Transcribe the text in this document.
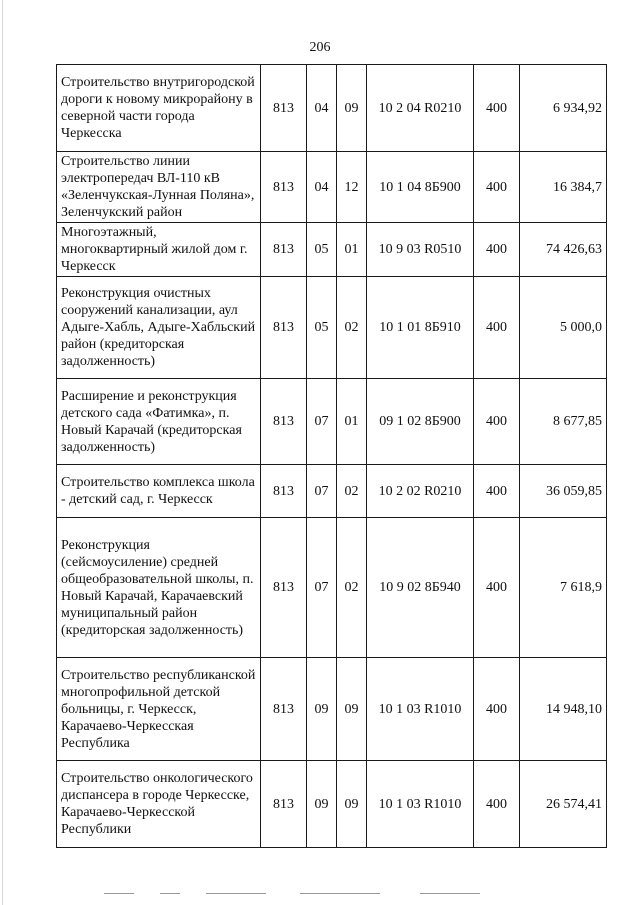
206
Строительство внутригородской дороги к новому микрорайону в северной части города Черкесска	813	04	09	10 2 04 R0210	400	6 934,92
Строительство линии электропередач ВЛ-110 кВ «Зеленчукская-Лунная Поляна», Зеленчукский район	813	04	12	10 1 04 8Б900	400	16 384,7
Многоэтажный, многоквартирный жилой дом г. Черкесск	813	05	01	10 9 03 R0510	400	74 426,63
Реконструкция очистных сооружений канализации, аул Адыге-Хабль, Адыге-Хабльский район (кредиторская задолженность)	813	05	02	10 1 01 8Б910	400	5 000,0
Расширение и реконструкция детского сада «Фатимка», п. Новый Карачай (кредиторская задолженность)	813	07	01	09 1 02 8Б900	400	8 677,85
Строительство комплекса школа - детский сад, г. Черкесск	813	07	02	10 2 02 R0210	400	36 059,85
Реконструкция (сейсмоусиление) средней общеобразовательной школы, п. Новый Карачай, Карачаевский муниципальный район (кредиторская задолженность)	813	07	02	10 9 02 8Б940	400	7 618,9
Строительство республиканской многопрофильной детской больницы, г. Черкесск, Карачаево-Черкесская Республика	813	09	09	10 1 03 R1010	400	14 948,10
Строительство онкологического диспансера в городе Черкесске, Карачаево-Черкесской Республики	813	09	09	10 1 03 R1010	400	26 574,41
